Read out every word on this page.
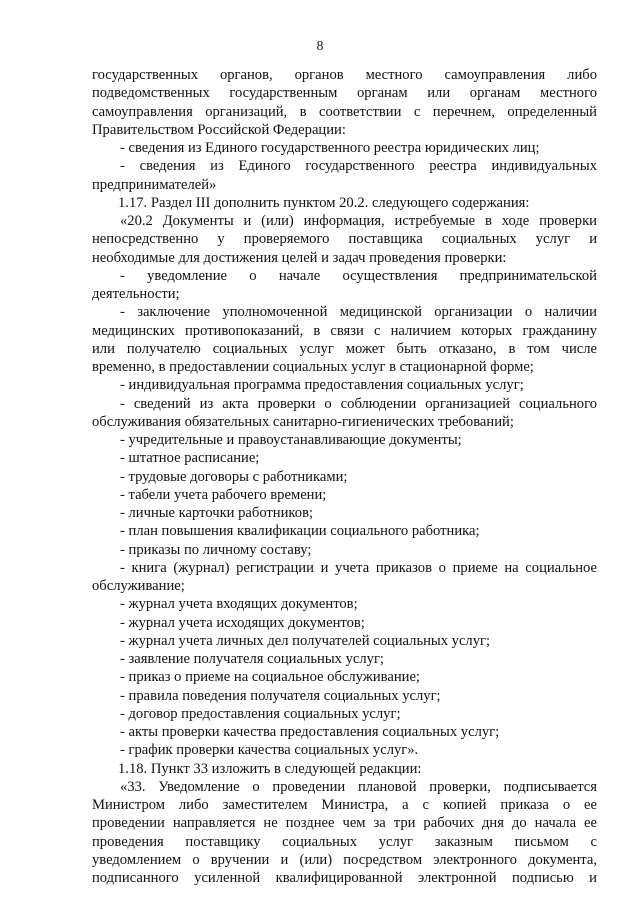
8
государственных органов, органов местного самоуправления либо
подведомственных государственным органам или органам местного
самоуправления организаций, в соответствии с перечнем, определенный
Правительством Российской Федерации:
- сведения из Единого государственного реестра юридических лиц;
- сведения из Единого государственного реестра индивидуальных
предпринимателей»
1.17. Раздел III дополнить пунктом 20.2. следующего содержания:
«20.2 Документы и (или) информация, истребуемые в ходе проверки
непосредственно у проверяемого поставщика социальных услуг и
необходимые для достижения целей и задач проведения проверки:
- уведомление о начале осуществления предпринимательской
деятельности;
- заключение уполномоченной медицинской организации о наличии
медицинских противопоказаний, в связи с наличием которых гражданину
или получателю социальных услуг может быть отказано, в том числе
временно, в предоставлении социальных услуг в стационарной форме;
- индивидуальная программа предоставления социальных услуг;
- сведений из акта проверки о соблюдении организацией социального
обслуживания обязательных санитарно-гигиенических требований;
- учредительные и правоустанавливающие документы;
- штатное расписание;
- трудовые договоры с работниками;
- табели учета рабочего времени;
- личные карточки работников;
- план повышения квалификации социального работника;
- приказы по личному составу;
- книга (журнал) регистрации и учета приказов о приеме на социальное
обслуживание;
- журнал учета входящих документов;
- журнал учета исходящих документов;
- журнал учета личных дел получателей социальных услуг;
- заявление получателя социальных услуг;
- приказ о приеме на социальное обслуживание;
- правила поведения получателя социальных услуг;
- договор предоставления социальных услуг;
- акты проверки качества предоставления социальных услуг;
- график проверки качества социальных услуг».
1.18. Пункт 33 изложить в следующей редакции:
«33. Уведомление о проведении плановой проверки, подписывается
Министром либо заместителем Министра, а с копией приказа о ее
проведении направляется не позднее чем за три рабочих дня до начала ее
проведения поставщику социальных услуг заказным письмом с
уведомлением о вручении и (или) посредством электронного документа,
подписанного усиленной квалифицированной электронной подписью и
